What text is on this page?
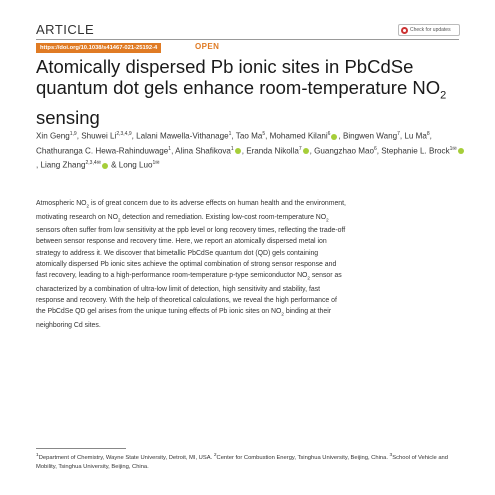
ARTICLE	Check for updates
https://doi.org/10.1038/s41467-021-25192-4	OPEN
Atomically dispersed Pb ionic sites in PbCdSe
quantum dot gels enhance room-temperature $NO_2$
sensing
Xin Geng$^{1,9}$, Shuwei Li$^{2,3,4,9}$, Lalani Mawella-Vithanage$^1$, Tao Ma$^5$, Mohamed Kilani$^6$ , Bingwen Wang$^7$, Lu Ma$^8$, Chathuranga C. Hewa-Rahinduwage$^1$, Alina Shafikova$^1$ , Eranda Nikolla$^7$ , Guangzhao Mao$^6$, Stephanie L. Brock$^{1✉}$, Liang Zhang$^{2,3,4✉}$ & Long Luo$^{1✉}$
Atmospheric $NO_2$ is of great concern due to its adverse effects on human health and the environment, motivating research on $NO_2$ detection and remediation. Existing low-cost room-temperature $NO_2$ sensors often suffer from low sensitivity at the ppb level or long recovery times, reflecting the trade-off between sensor response and recovery time. Here, we report an atomically dispersed metal ion strategy to address it. We discover that bimetallic PbCdSe quantum dot (QD) gels containing atomically dispersed Pb ionic sites achieve the optimal combination of strong sensor response and fast recovery, leading to a high-performance room-temperature p-type semiconductor $NO_2$ sensor as characterized by a combination of ultra-low limit of detection, high sensitivity and stability, fast response and recovery. With the help of theoretical calculations, we reveal the high performance of the PbCdSe QD gel arises from the unique tuning effects of Pb ionic sites on $NO_2$ binding at their neighboring Cd sites.
$^1$Department of Chemistry, Wayne State University, Detroit, MI, USA. $^2$Center for Combustion Energy, Tsinghua University, Beijing, China. $^3$School of Vehicle and Mobility, Tsinghua University, Beijing, China.
